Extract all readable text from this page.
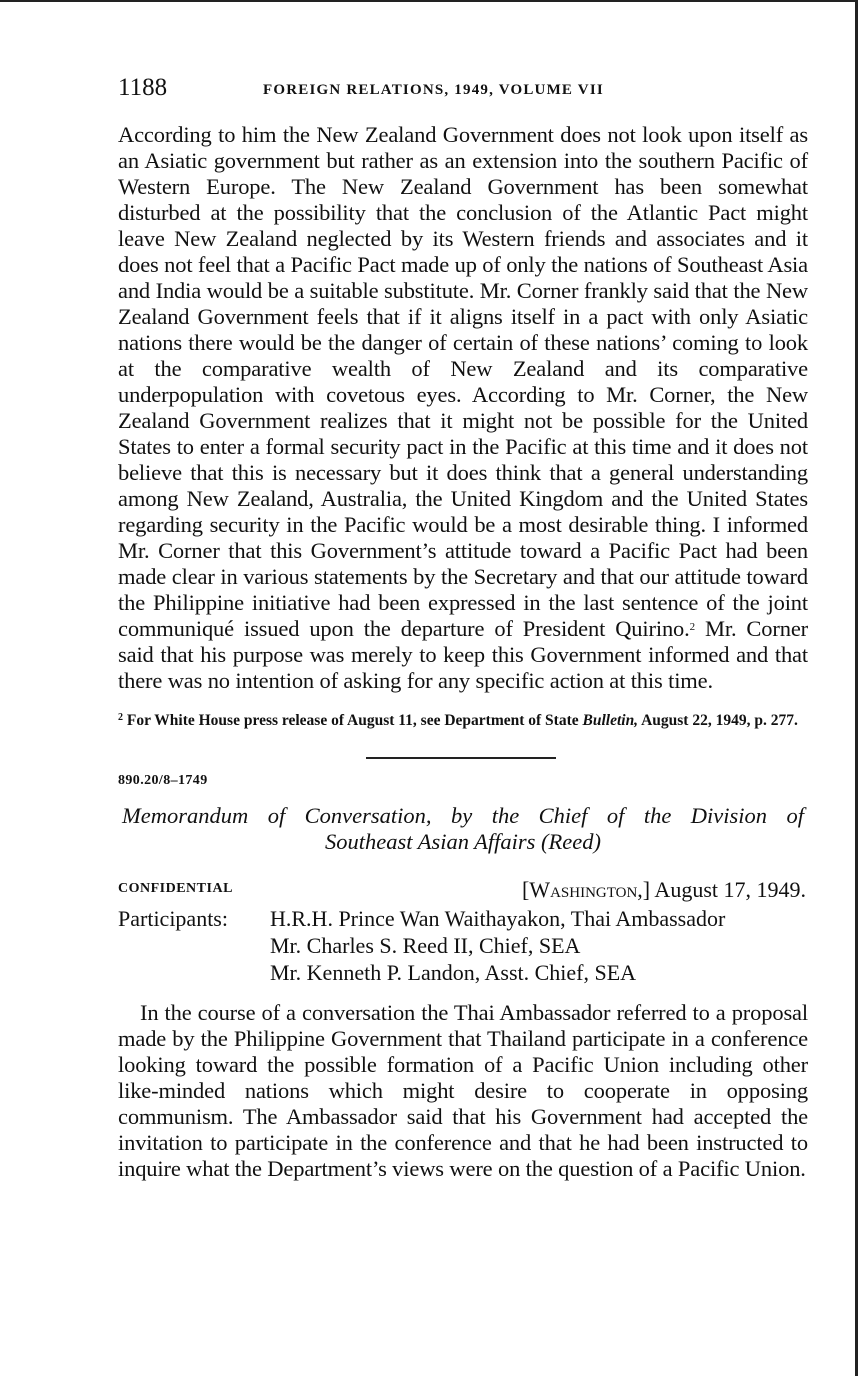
1188	FOREIGN RELATIONS, 1949, VOLUME VII

According to him the New Zealand Government does not look upon itself as an Asiatic government but rather as an extension into the southern Pacific of Western Europe. The New Zealand Government has been somewhat disturbed at the possibility that the conclusion of the Atlantic Pact might leave New Zealand neglected by its Western friends and associates and it does not feel that a Pacific Pact made up of only the nations of Southeast Asia and India would be a suitable substitute. Mr. Corner frankly said that the New Zealand Government feels that if it aligns itself in a pact with only Asiatic nations there would be the danger of certain of these nations’ coming to look at the comparative wealth of New Zealand and its comparative underpopulation with covetous eyes. According to Mr. Corner, the New Zealand Government realizes that it might not be possible for the United States to enter a formal security pact in the Pacific at this time and it does not believe that this is necessary but it does think that a general understanding among New Zealand, Australia, the United Kingdom and the United States regarding security in the Pacific would be a most desirable thing. I informed Mr. Corner that this Government’s attitude toward a Pacific Pact had been made clear in various statements by the Secretary and that our attitude toward the Philippine initiative had been expressed in the last sentence of the joint communiqué issued upon the departure of President Quirino.$^2$ Mr. Corner said that his purpose was merely to keep this Government informed and that there was no intention of asking for any specific action at this time.

$^2$ For White House press release of August 11, see Department of State Bulletin, August 22, 1949, p. 277.

890.20/8–1749
Memorandum of Conversation, by the Chief of the Division of
Southeast Asian Affairs (Reed)
CONFIDENTIAL	[Washington,] August 17, 1949.
Participants: H.R.H. Prince Wan Waithayakon, Thai Ambassador
Mr. Charles S. Reed II, Chief, SEA
Mr. Kenneth P. Landon, Asst. Chief, SEA

In the course of a conversation the Thai Ambassador referred to a proposal made by the Philippine Government that Thailand participate in a conference looking toward the possible formation of a Pacific Union including other like-minded nations which might desire to cooperate in opposing communism. The Ambassador said that his Government had accepted the invitation to participate in the conference and that he had been instructed to inquire what the Department’s views were on the question of a Pacific Union.
